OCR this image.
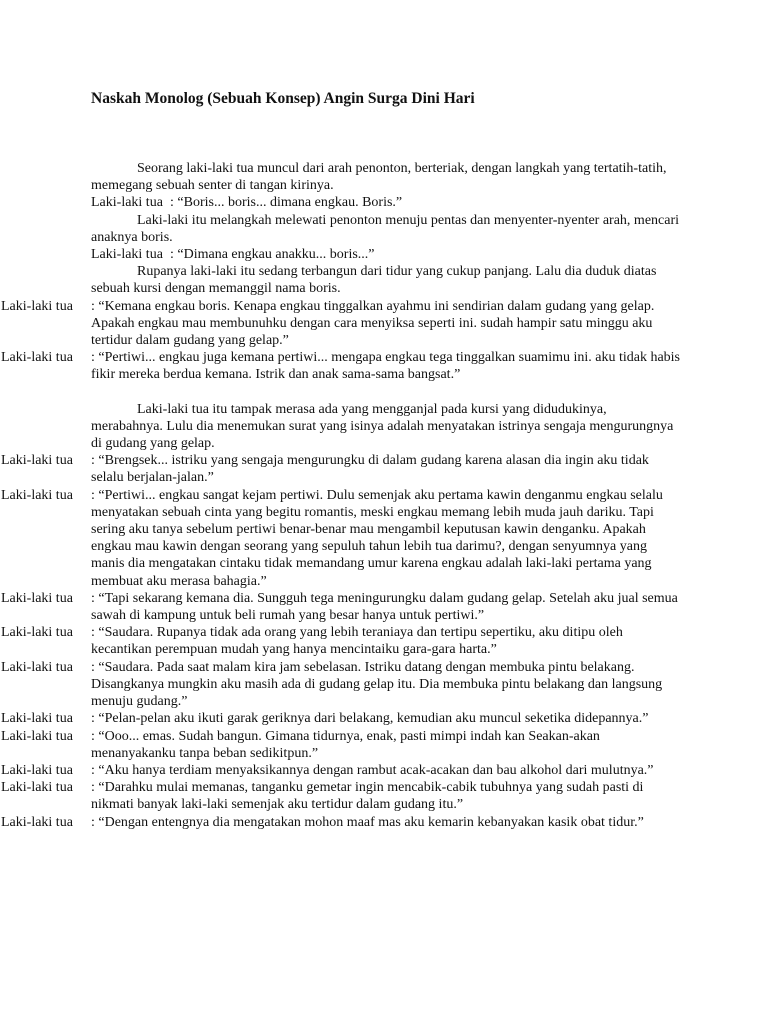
Naskah Monolog (Sebuah Konsep) Angin Surga Dini Hari

Seorang laki-laki tua muncul dari arah penonton, berteriak, dengan langkah yang tertatih-tatih, memegang sebuah senter di tangan kirinya.

Laki-laki tua : “Boris... boris... dimana engkau. Boris.”

Laki-laki itu melangkah melewati penonton menuju pentas dan menyenter-nyenter arah, mencari anaknya boris.

Laki-laki tua : “Dimana engkau anakku... boris...”

Rupanya laki-laki itu sedang terbangun dari tidur yang cukup panjang. Lalu dia duduk diatas sebuah kursi dengan memanggil nama boris.

Laki-laki tua	: “Kemana engkau boris. Kenapa engkau tinggalkan ayahmu ini sendirian dalam gudang yang gelap. Apakah engkau mau membunuhku dengan cara menyiksa seperti ini. sudah hampir satu minggu aku tertidur dalam gudang yang gelap.”
Laki-laki tua	: “Pertiwi... engkau juga kemana pertiwi... mengapa engkau tega tinggalkan suamimu ini. aku tidak habis fikir mereka berdua kemana. Istrik dan anak sama-sama bangsat.”

Laki-laki tua itu tampak merasa ada yang mengganjal pada kursi yang didudukinya, merabahnya. Lulu dia menemukan surat yang isinya adalah menyatakan istrinya sengaja mengurungnya di gudang yang gelap.

Laki-laki tua	: “Brengsek... istriku yang sengaja mengurungku di dalam gudang karena alasan dia ingin aku tidak selalu berjalan-jalan.”
Laki-laki tua	: “Pertiwi... engkau sangat kejam pertiwi. Dulu semenjak aku pertama kawin denganmu engkau selalu menyatakan sebuah cinta yang begitu romantis, meski engkau memang lebih muda jauh dariku. Tapi sering aku tanya sebelum pertiwi benar-benar mau mengambil keputusan kawin denganku. Apakah engkau mau kawin dengan seorang yang sepuluh tahun lebih tua darimu?, dengan senyumnya yang manis dia mengatakan cintaku tidak memandang umur karena engkau adalah laki-laki pertama yang membuat aku merasa bahagia.”
Laki-laki tua	: “Tapi sekarang kemana dia. Sungguh tega meningurungku dalam gudang gelap. Setelah aku jual semua sawah di kampung untuk beli rumah yang besar hanya untuk pertiwi.”
Laki-laki tua	: “Saudara. Rupanya tidak ada orang yang lebih teraniaya dan tertipu sepertiku, aku ditipu oleh kecantikan perempuan mudah yang hanya mencintaiku gara-gara harta.”
Laki-laki tua	: “Saudara. Pada saat malam kira jam sebelasan. Istriku datang dengan membuka pintu belakang. Disangkanya mungkin aku masih ada di gudang gelap itu. Dia membuka pintu belakang dan langsung menuju gudang.”
Laki-laki tua	: “Pelan-pelan aku ikuti garak geriknya dari belakang, kemudian aku muncul seketika didepannya.”
Laki-laki tua	: “Ooo... emas. Sudah bangun. Gimana tidurnya, enak, pasti mimpi indah kan Seakan-akan menanyakanku tanpa beban sedikitpun.”
Laki-laki tua	: “Aku hanya terdiam menyaksikannya dengan rambut acak-acakan dan bau alkohol dari mulutnya.”
Laki-laki tua	: “Darahku mulai memanas, tanganku gemetar ingin mencabik-cabik tubuhnya yang sudah pasti di nikmati banyak laki-laki semenjak aku tertidur dalam gudang itu.”
Laki-laki tua	: “Dengan entengnya dia mengatakan mohon maaf mas aku kemarin kebanyakan kasik obat tidur.”
